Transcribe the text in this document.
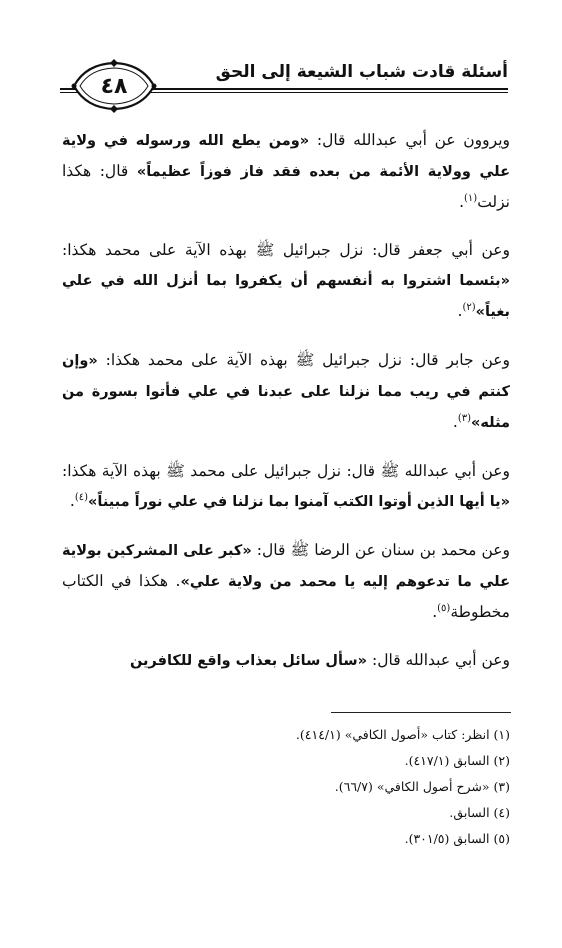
أسئلة قادت شباب الشيعة إلى الحق
٤٨

ويروون عن أبي عبدالله قال: «ومن يطع الله ورسوله في ولاية علي وولاية الأئمة من بعده فقد فاز فوزاً عظيماً» قال: هكذا نزلت$^{(١)}$.

وعن أبي جعفر قال: نزل جبرائيل ﷺ بهذه الآية على محمد هكذا: «بئسما اشتروا به أنفسهم أن يكفروا بما أنزل الله في علي بغياً»$^{(٢)}$.

وعن جابر قال: نزل جبرائيل ﷺ بهذه الآية على محمد هكذا: «وإن كنتم في ريب مما نزلنا على عبدنا في علي فأتوا بسورة من مثله»$^{(٣)}$.

وعن أبي عبدالله ﷺ قال: نزل جبرائيل على محمد ﷺ بهذه الآية هكذا: «يا أيها الذين أوتوا الكتب آمنوا بما نزلنا في علي نوراً مبيناً»$^{(٤)}$.

وعن محمد بن سنان عن الرضا ﷺ قال: «كبر على المشركين بولاية علي ما تدعوهم إليه يا محمد من ولاية علي». هكذا في الكتاب مخطوطة$^{(٥)}$.

وعن أبي عبدالله قال: «سأل سائل بعذاب واقع للكافرين

(١) انظر: كتاب «أصول الكافي» (٤١٤/١).

(٢) السابق (٤١٧/١).

(٣) «شرح أصول الكافي» (٦٦/٧).

(٤) السابق.

(٥) السابق (٣٠١/٥).
